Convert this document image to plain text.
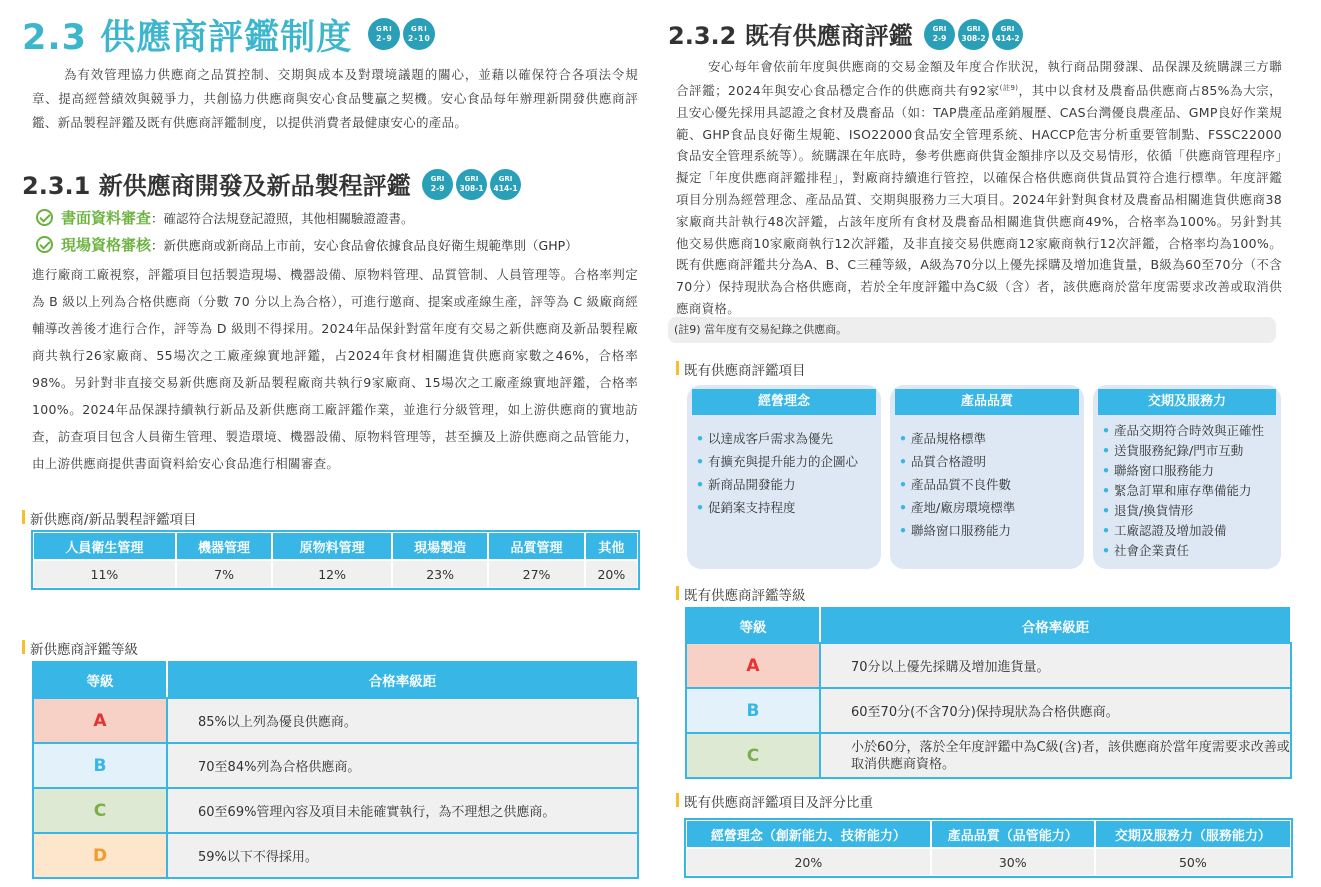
2.3 供應商評鑑制度	GRI
2-9
GRI
2-10

為有效管理協力供應商之品質控制、交期與成本及對環境議題的關心，並藉以確保符合各項法令規章、提高經營績效與競爭力，共創協力供應商與安心食品雙贏之契機。安心食品每年辦理新開發供應商評鑑、新品製程評鑑及既有供應商評鑑制度，以提供消費者最健康安心的產品。

2.3.1 新供應商開發及新品製程評鑑	GRI
2-9
GRI
308-1
GRI
414-1
書面資料審查：確認符合法規登記證照，其他相關驗證證書。
現場資格審核：新供應商或新商品上市前，安心食品會依據食品良好衛生規範準則（GHP）

進行廠商工廠視察，評鑑項目包括製造現場、機器設備、原物料管理、品質管制、人員管理等。合格率判定為 B 級以上列為合格供應商（分數 70 分以上為合格），可進行邀商、提案或產線生產，評等為 C 級廠商經輔導改善後才進行合作，評等為 D 級則不得採用。2024年品保針對當年度有交易之新供應商及新品製程廠商共執行26家廠商、55場次之工廠產線實地評鑑，占2024年食材相關進貨供應商家數之46%，合格率98%。另針對非直接交易新供應商及新品製程廠商共執行9家廠商、15場次之工廠產線實地評鑑，合格率100%。2024年品保課持續執行新品及新供應商工廠評鑑作業，並進行分級管理，如上游供應商的實地訪查，訪查項目包含人員衛生管理、製造環境、機器設備、原物料管理等，甚至擴及上游供應商之品管能力，由上游供應商提供書面資料給安心食品進行相關審查。

新供應商/新品製程評鑑項目
人員衛生管理	機器管理	原物料管理	現場製造	品質管理	其他
11%	7%	12%	23%	27%	20%
新供應商評鑑等級
等級	合格率級距
A	85%以上列為優良供應商。
B	70至84%列為合格供應商。
C	60至69%管理內容及項目未能確實執行，為不理想之供應商。
D	59%以下不得採用。
2.3.2 既有供應商評鑑	GRI
2-9
GRI
308-2
GRI
414-2

安心每年會依前年度與供應商的交易金額及年度合作狀況，執行商品開發課、品保課及統購課三方聯合評鑑；2024年與安心食品穩定合作的供應商共有92家$^{(註9)}$，其中以食材及農畜品供應商占85%為大宗，且安心優先採用具認證之食材及農畜品（如：TAP農產品產銷履歷、CAS台灣優良農產品、GMP良好作業規範、GHP食品良好衛生規範、ISO22000食品安全管理系統、HACCP危害分析重要管制點、FSSC22000食品安全管理系統等）。統購課在年底時，參考供應商供貨金額排序以及交易情形，依循「供應商管理程序」擬定「年度供應商評鑑排程」，對廠商持續進行管控，以確保合格供應商供貨品質符合進行標準。年度評鑑項目分別為經營理念、產品品質、交期與服務力三大項目。2024年針對與食材及農畜品相關進貨供應商38家廠商共計執行48次評鑑，占該年度所有食材及農畜品相關進貨供應商49%，合格率為100%。另針對其他交易供應商10家廠商執行12次評鑑，及非直接交易供應商12家廠商執行12次評鑑，合格率均為100%。既有供應商評鑑共分為A、B、C三種等級，A級為70分以上優先採購及增加進貨量，B級為60至70分（不含70分）保持現狀為合格供應商，若於全年度評鑑中為C級（含）者，該供應商於當年度需要求改善或取消供應商資格。

(註9) 當年度有交易紀錄之供應商。
既有供應商評鑑項目
經營理念
• 以達成客戶需求為優先
• 有擴充與提升能力的企圖心
• 新商品開發能力
• 促銷案支持程度
產品品質
• 產品規格標準
• 品質合格證明
• 產品品質不良件數
• 產地/廠房環境標準
• 聯絡窗口服務能力
交期及服務力
• 產品交期符合時效與正確性
• 送貨服務紀錄/門市互動
• 聯絡窗口服務能力
• 緊急訂單和庫存準備能力
• 退貨/換貨情形
• 工廠認證及增加設備
• 社會企業責任
既有供應商評鑑等級
等級	合格率級距
A	70分以上優先採購及增加進貨量。
B	60至70分(不含70分)保持現狀為合格供應商。
C	小於60分，落於全年度評鑑中為C級(含)者，該供應商於當年度需要求改善或取消供應商資格。
既有供應商評鑑項目及評分比重
經營理念（創新能力、技術能力）	產品品質（品管能力）	交期及服務力（服務能力）
20%	30%	50%
